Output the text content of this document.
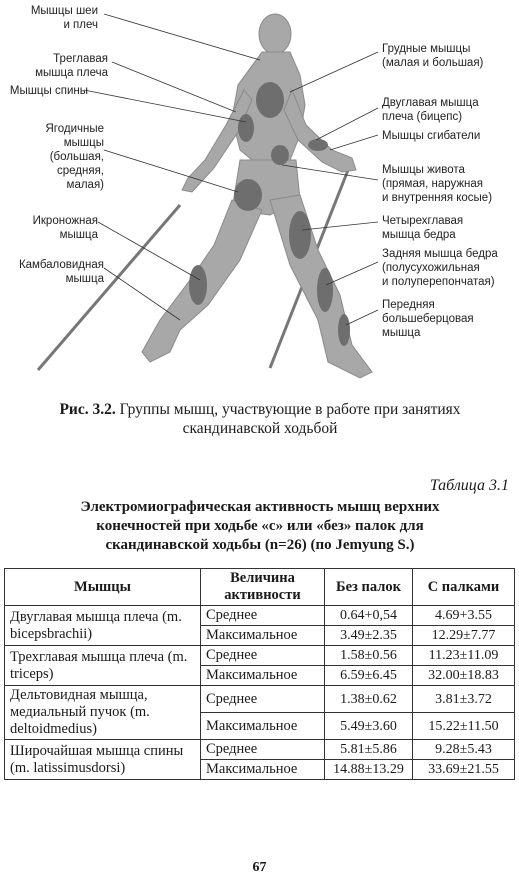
Мышцы шеи
и плеч
Треглавая
мышца плеча
Мышцы спины
Ягодичные
мышцы
(большая,
средняя,
малая)
Икроножная
мышца
Камбаловидная
мышца
Грудные мышцы
(малая и большая)
Двуглавая мышца
плеча (бицепс)
Мышцы сгибатели
Мышцы живота
(прямая, наружная
и внутренняя косые)
Четырехглавая
мышца бедра
Задняя мышца бедра
(полусухожильная
и полуперепончатая)
Передняя
большеберцовая
мышца
Рис. 3.2. Группы мышц, участвующие в работе при занятиях скандинавской ходьбой
Таблица 3.1
Электромиографическая активность мышц верхних
конечностей при ходьбе «с» или «без» палок для
скандинавской ходьбы (n=26) (по Jemyung S.)
Мышцы	Величина активности	Без палок	С палками
Двуглавая мышца плеча (m. bicepsbrachii)	Среднее	0.64+0,54	4.69+3.55
	Максимальное	3.49±2.35	12.29±7.77
Трехглавая мышца плеча (m. triceps)	Среднее	1.58±0.56	11.23±11.09
	Максимальное	6.59±6.45	32.00±18.83
Дельтовидная мышца, медиальный пучок (m. deltoidmedius)	Среднее	1.38±0.62	3.81±3.72
	Максимальное	5.49±3.60	15.22±11.50
Широчайшая мышца спины (m. latissimusdorsi)	Среднее	5.81±5.86	9.28±5.43
	Максимальное	14.88±13.29	33.69±21.55
67
